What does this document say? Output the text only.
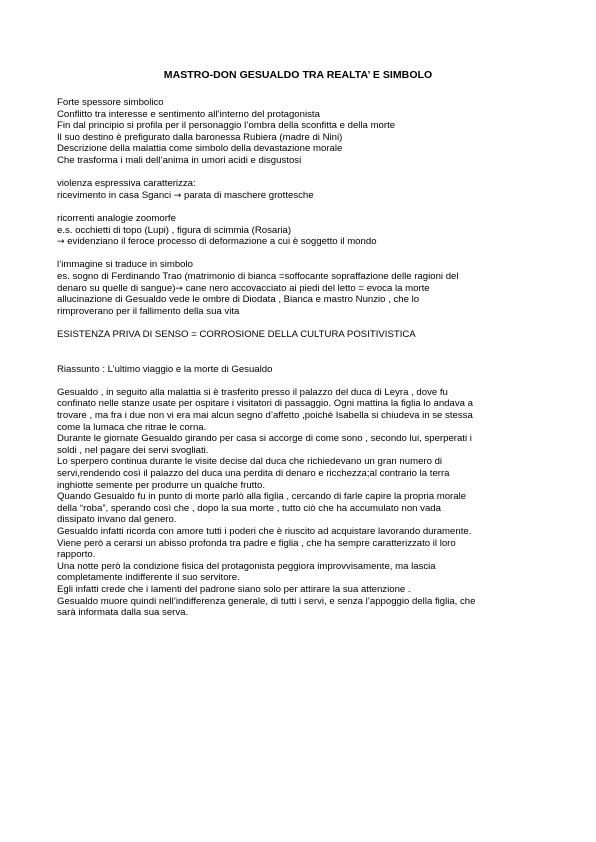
MASTRO-DON GESUALDO TRA REALTA’ E SIMBOLO
Forte spessore simbolico
Conflitto tra interesse e sentimento all’interno del protagonista
Fin dal principio si profila per il personaggio l’ombra della sconfitta e della morte
Il suo destino è prefigurato dalla baronessa Rubiera (madre di Nini)
Descrizione della malattia come simbolo della devastazione morale
Che trasforma i mali dell’anima in umori acidi e disgustosi
violenza espressiva caratterizza:
ricevimento in casa Sganci → parata di maschere grottesche
ricorrenti analogie zoomorfe
e.s. occhietti di topo (Lupi) , figura di scimmia (Rosaria)
→ evidenziano il feroce processo di deformazione a cui è soggetto il mondo
l’immagine si traduce in simbolo
es. sogno di Ferdinando Trao (matrimonio di bianca =soffocante sopraffazione delle ragioni del
denaro su quelle di sangue)→ cane nero accovacciato ai piedi del letto = evoca la morte
allucinazione di Gesualdo vede le ombre di Diodata , Bianca e mastro Nunzio , che lo
rimproverano per il fallimento della sua vita
ESISTENZA PRIVA DI SENSO = CORROSIONE DELLA CULTURA POSITIVISTICA
Riassunto : L’ultimo viaggio e la morte di Gesualdo
Gesualdo , in seguito alla malattia si è trasferito presso il palazzo del duca di Leyra , dove fu
confinato nelle stanze usate per ospitare i visitatori di passaggio. Ogni mattina la figlia lo andava a
trovare , ma fra i due non vi era mai alcun segno d’affetto ,poiché Isabella si chiudeva in se stessa
come la lumaca che ritrae le corna.
Durante le giornate Gesualdo girando per casa si accorge di come sono , secondo lui, sperperati i
soldi , nel pagare dei servi svogliati.
Lo sperpero continua durante le visite decise dal duca che richiedevano un gran numero di
servi,rendendo così il palazzo del duca una perdita di denaro e ricchezza;al contrario la terra
inghiotte semente per produrre un qualche frutto.
Quando Gesualdo fu in punto di morte parlò alla figlia , cercando di farle capire la propria morale
della “roba”, sperando così che , dopo la sua morte , tutto ciò che ha accumulato non vada
dissipato invano dal genero.
Gesualdo infatti ricorda con amore tutti i poderi che è riuscito ad acquistare lavorando duramente.
Viene però a cerarsi un abisso profonda tra padre e figlia , che ha sempre caratterizzato il loro
rapporto.
Una notte però la condizione fisica del protagonista peggiora improvvisamente, ma lascia
completamente indifferente il suo servitore.
Egli infatti crede che i lamenti del padrone siano solo per attirare la sua attenzione .
Gesualdo muore quindi nell’indifferenza generale, di tutti i servi, e senza l’appoggio della figlia, che
sarà informata dalla sua serva.
